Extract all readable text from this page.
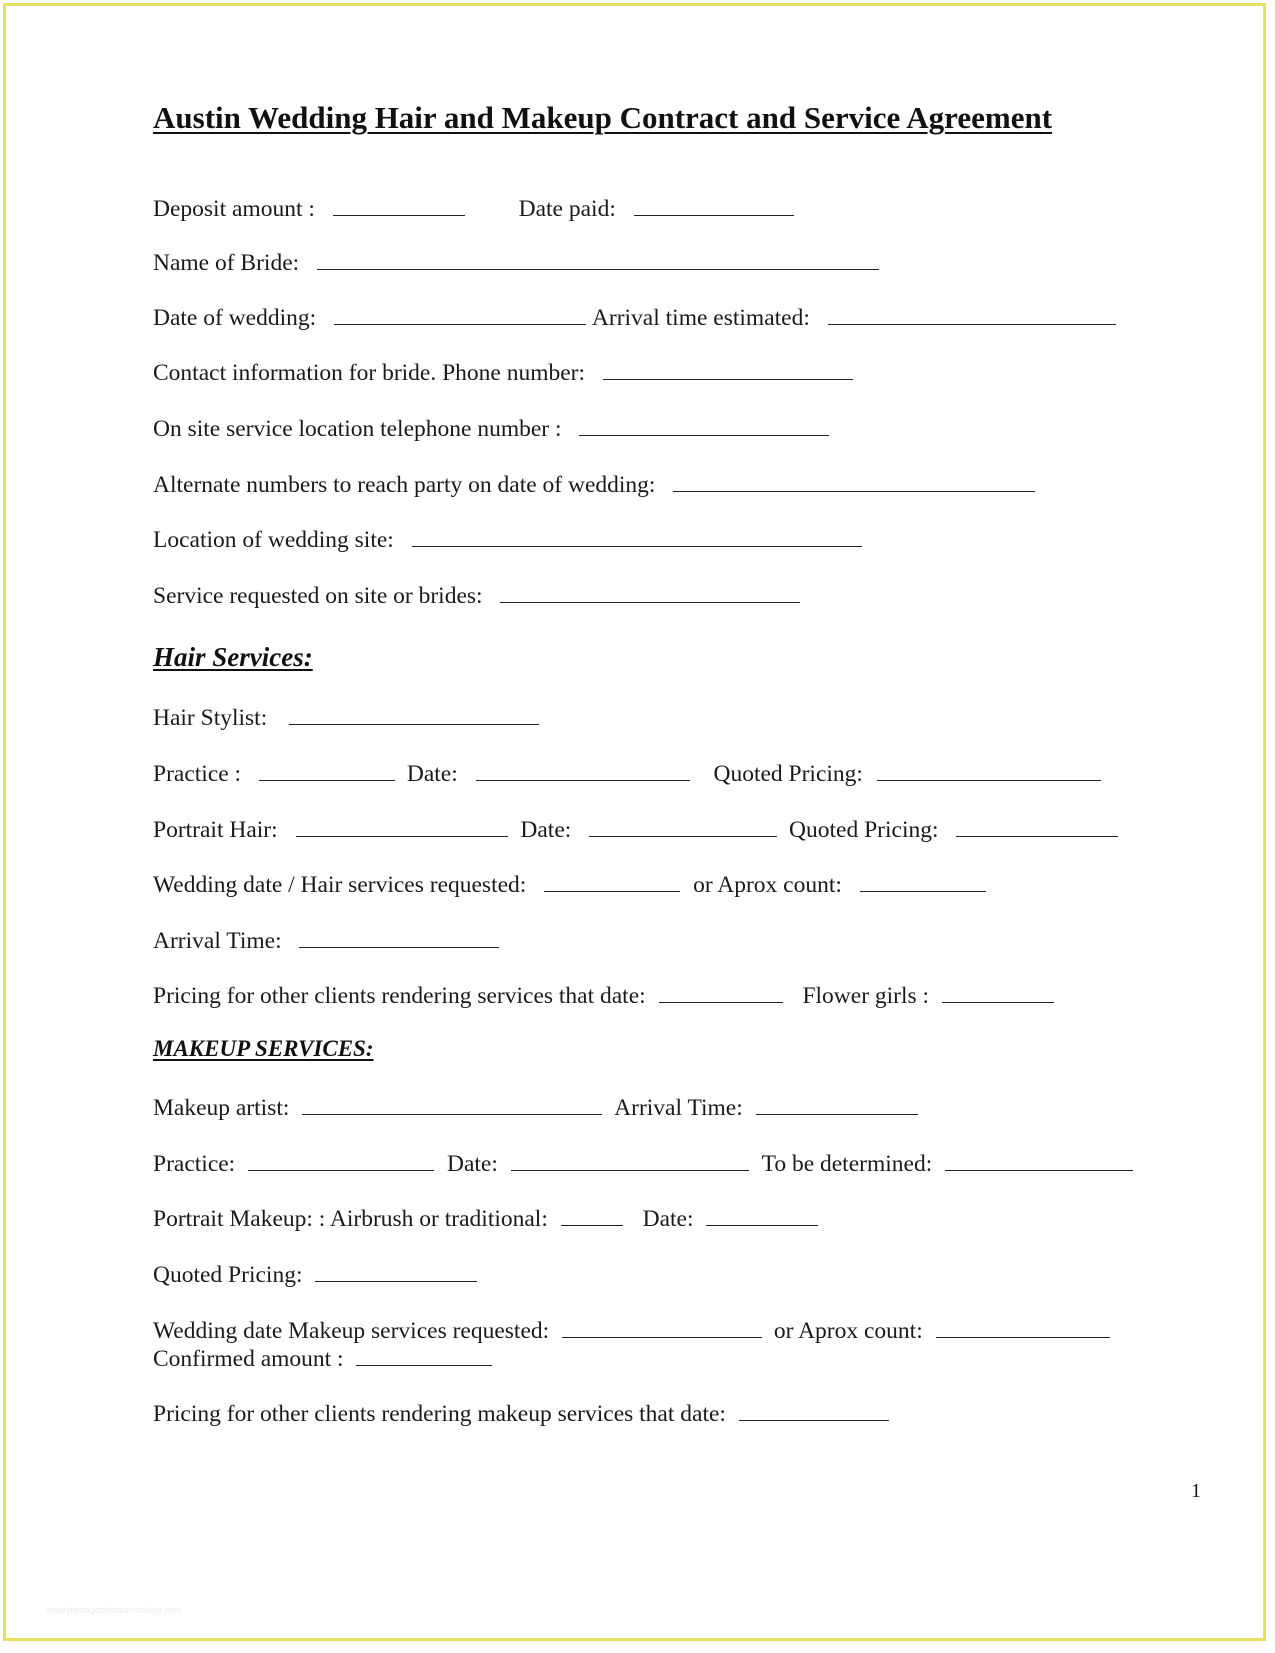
Austin Wedding Hair and Makeup Contract and Service Agreement
Deposit amount :	Date paid:
Name of Bride:
Date of wedding:	Arrival time estimated:
Contact information for bride. Phone number:
On site service location telephone number :
Alternate numbers to reach party on date of wedding:
Location of wedding site:
Service requested on site or brides:
Hair Services:
Hair Stylist:
Practice :	Date:	Quoted Pricing:
Portrait Hair:	Date:	Quoted Pricing:
Wedding date / Hair services requested:	or Aprox count:
Arrival Time:
Pricing for other clients rendering services that date:	Flower girls :
MAKEUP SERVICES:
Makeup artist:	Arrival Time:
Practice:	Date:	To be determined:
Portrait Makeup: : Airbrush or traditional:	Date:
Quoted Pricing:
Wedding date Makeup services requested:	or Aprox count:
Confirmed amount :
Pricing for other clients rendering makeup services that date:
1
www.heritagechristiancollege.com
